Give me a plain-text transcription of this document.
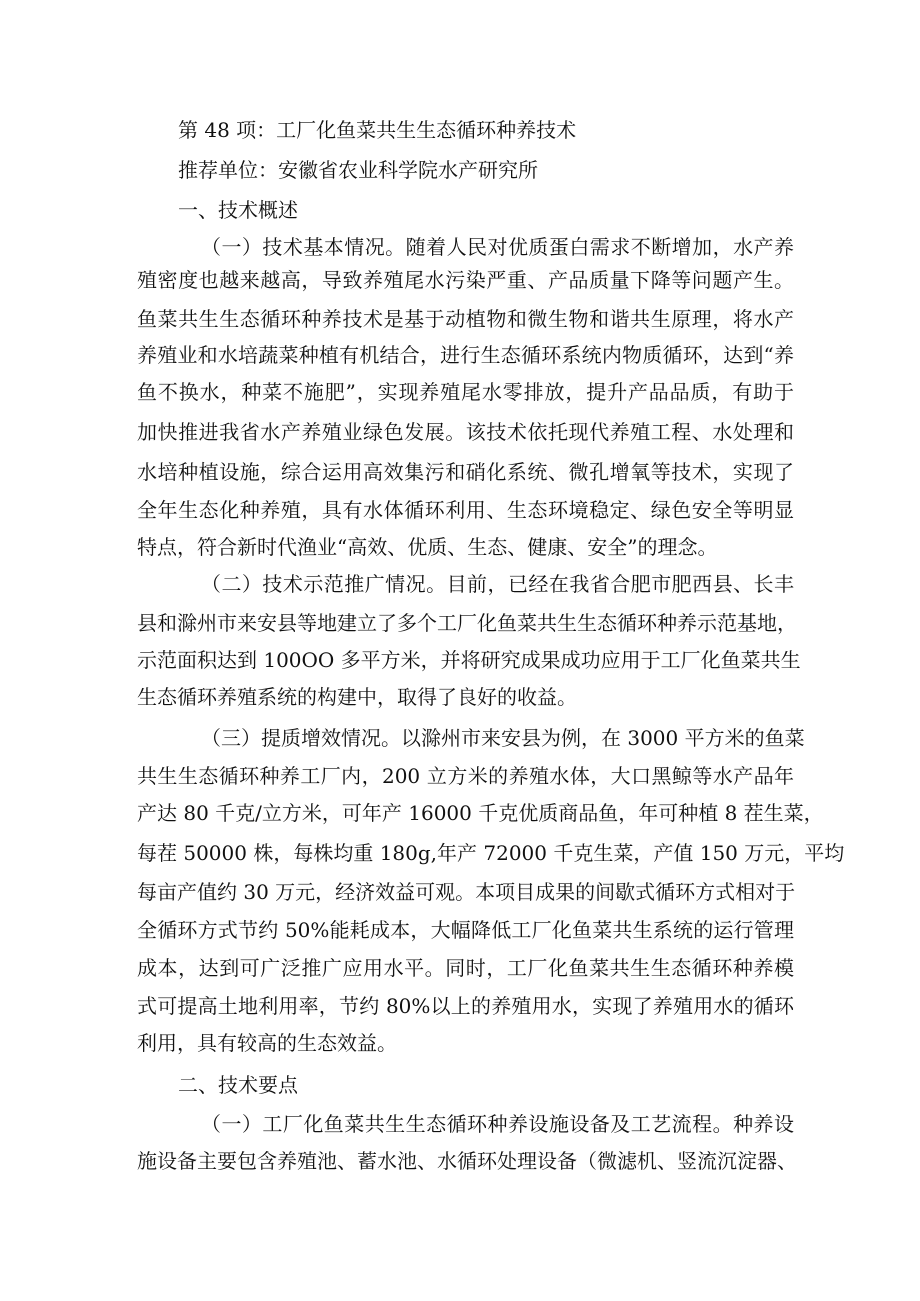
第 48 项：工厂化鱼菜共生生态循环种养技术
推荐单位：安徽省农业科学院水产研究所
一、技术概述
（一）技术基本情况。随着人民对优质蛋白需求不断增加，水产养
殖密度也越来越高，导致养殖尾水污染严重、产品质量下降等问题产生。
鱼菜共生生态循环种养技术是基于动植物和微生物和谐共生原理，将水产
养殖业和水培蔬菜种植有机结合，进行生态循环系统内物质循环，达到“养
鱼不换水，种菜不施肥”，实现养殖尾水零排放，提升产品品质，有助于
加快推进我省水产养殖业绿色发展。该技术依托现代养殖工程、水处理和
水培种植设施，综合运用高效集污和硝化系统、微孔增氧等技术，实现了
全年生态化种养殖，具有水体循环利用、生态环境稳定、绿色安全等明显
特点，符合新时代渔业“高效、优质、生态、健康、安全”的理念。
（二）技术示范推广情况。目前，已经在我省合肥市肥西县、长丰
县和滁州市来安县等地建立了多个工厂化鱼菜共生生态循环种养示范基地，
示范面积达到 100OO 多平方米，并将研究成果成功应用于工厂化鱼菜共生
生态循环养殖系统的构建中，取得了良好的收益。
（三）提质增效情况。以滁州市来安县为例，在 3000 平方米的鱼菜
共生生态循环种养工厂内，200 立方米的养殖水体，大口黑鲸等水产品年
产达 80 千克/立方米，可年产 16000 千克优质商品鱼，年可种植 8 茬生菜，
每茬 50000 株，每株均重 180g,年产 72000 千克生菜，产值 150 万元，平均
每亩产值约 30 万元，经济效益可观。本项目成果的间歇式循环方式相对于
全循环方式节约 50%能耗成本，大幅降低工厂化鱼菜共生系统的运行管理
成本，达到可广泛推广应用水平。同时，工厂化鱼菜共生生态循环种养模
式可提高土地利用率，节约 80%以上的养殖用水，实现了养殖用水的循环
利用，具有较高的生态效益。
二、技术要点
（一）工厂化鱼菜共生生态循环种养设施设备及工艺流程。种养设
施设备主要包含养殖池、蓄水池、水循环处理设备（微滤机、竖流沉淀器、
